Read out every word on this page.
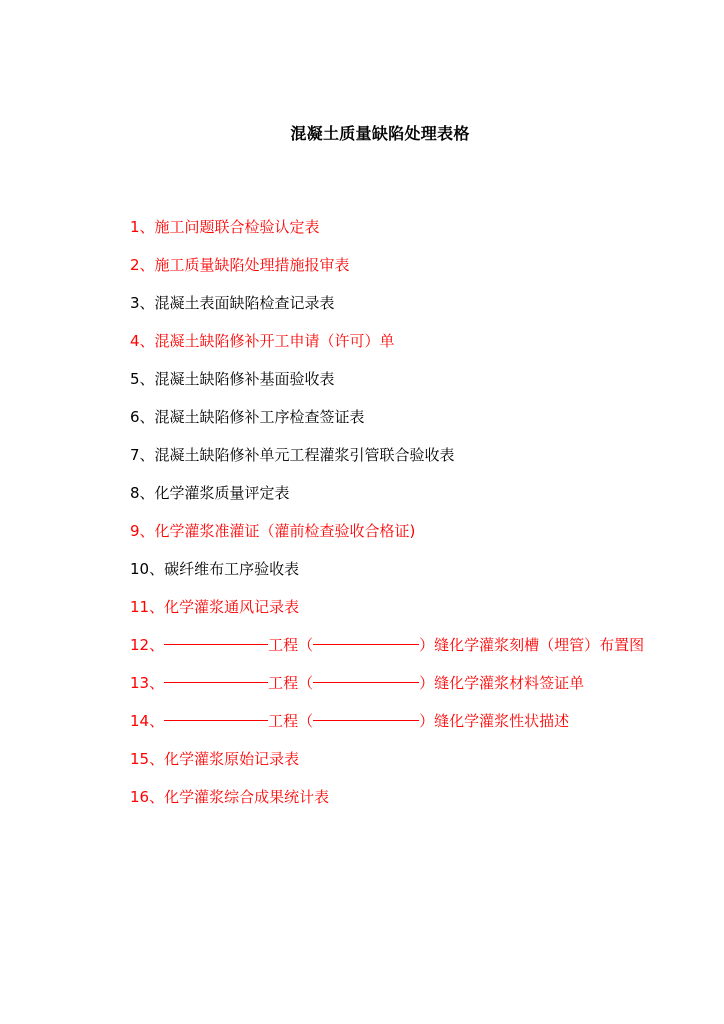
混凝土质量缺陷处理表格
1、施工问题联合检验认定表
2、施工质量缺陷处理措施报审表
3、混凝土表面缺陷检查记录表
4、混凝土缺陷修补开工申请（许可）单
5、混凝土缺陷修补基面验收表
6、混凝土缺陷修补工序检查签证表
7、混凝土缺陷修补单元工程灌浆引管联合验收表
8、化学灌浆质量评定表
9、化学灌浆准灌证（灌前检查验收合格证)
10、碳纤维布工序验收表
11、化学灌浆通风记录表
12、	工程（	）缝化学灌浆刻槽（埋管）布置图
13、	工程（	）缝化学灌浆材料签证单
14、	工程（	）缝化学灌浆性状描述
15、化学灌浆原始记录表
16、化学灌浆综合成果统计表
